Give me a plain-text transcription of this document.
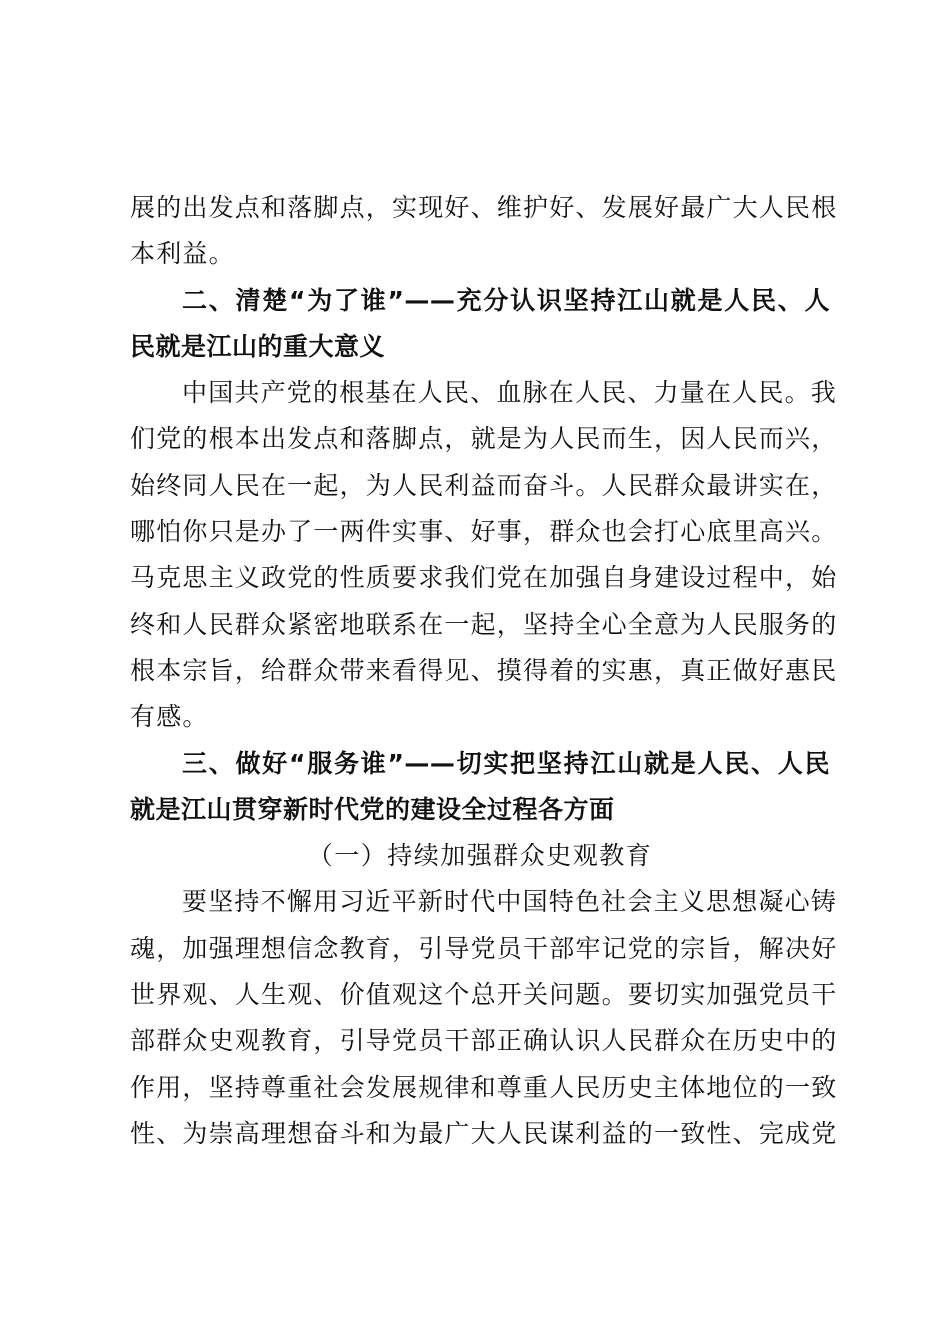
展的出发点和落脚点，实现好、维护好、发展好最广大人民根
本利益。
二、清楚“为了谁”——充分认识坚持江山就是人民、人
民就是江山的重大意义
中国共产党的根基在人民、血脉在人民、力量在人民。我
们党的根本出发点和落脚点，就是为人民而生，因人民而兴，
始终同人民在一起，为人民利益而奋斗。人民群众最讲实在，
哪怕你只是办了一两件实事、好事，群众也会打心底里高兴。
马克思主义政党的性质要求我们党在加强自身建设过程中，始
终和人民群众紧密地联系在一起，坚持全心全意为人民服务的
根本宗旨，给群众带来看得见、摸得着的实惠，真正做好惠民
有感。
三、做好“服务谁”——切实把坚持江山就是人民、人民
就是江山贯穿新时代党的建设全过程各方面
（一）持续加强群众史观教育
要坚持不懈用习近平新时代中国特色社会主义思想凝心铸
魂，加强理想信念教育，引导党员干部牢记党的宗旨，解决好
世界观、人生观、价值观这个总开关问题。要切实加强党员干
部群众史观教育，引导党员干部正确认识人民群众在历史中的
作用，坚持尊重社会发展规律和尊重人民历史主体地位的一致
性、为崇高理想奋斗和为最广大人民谋利益的一致性、完成党
